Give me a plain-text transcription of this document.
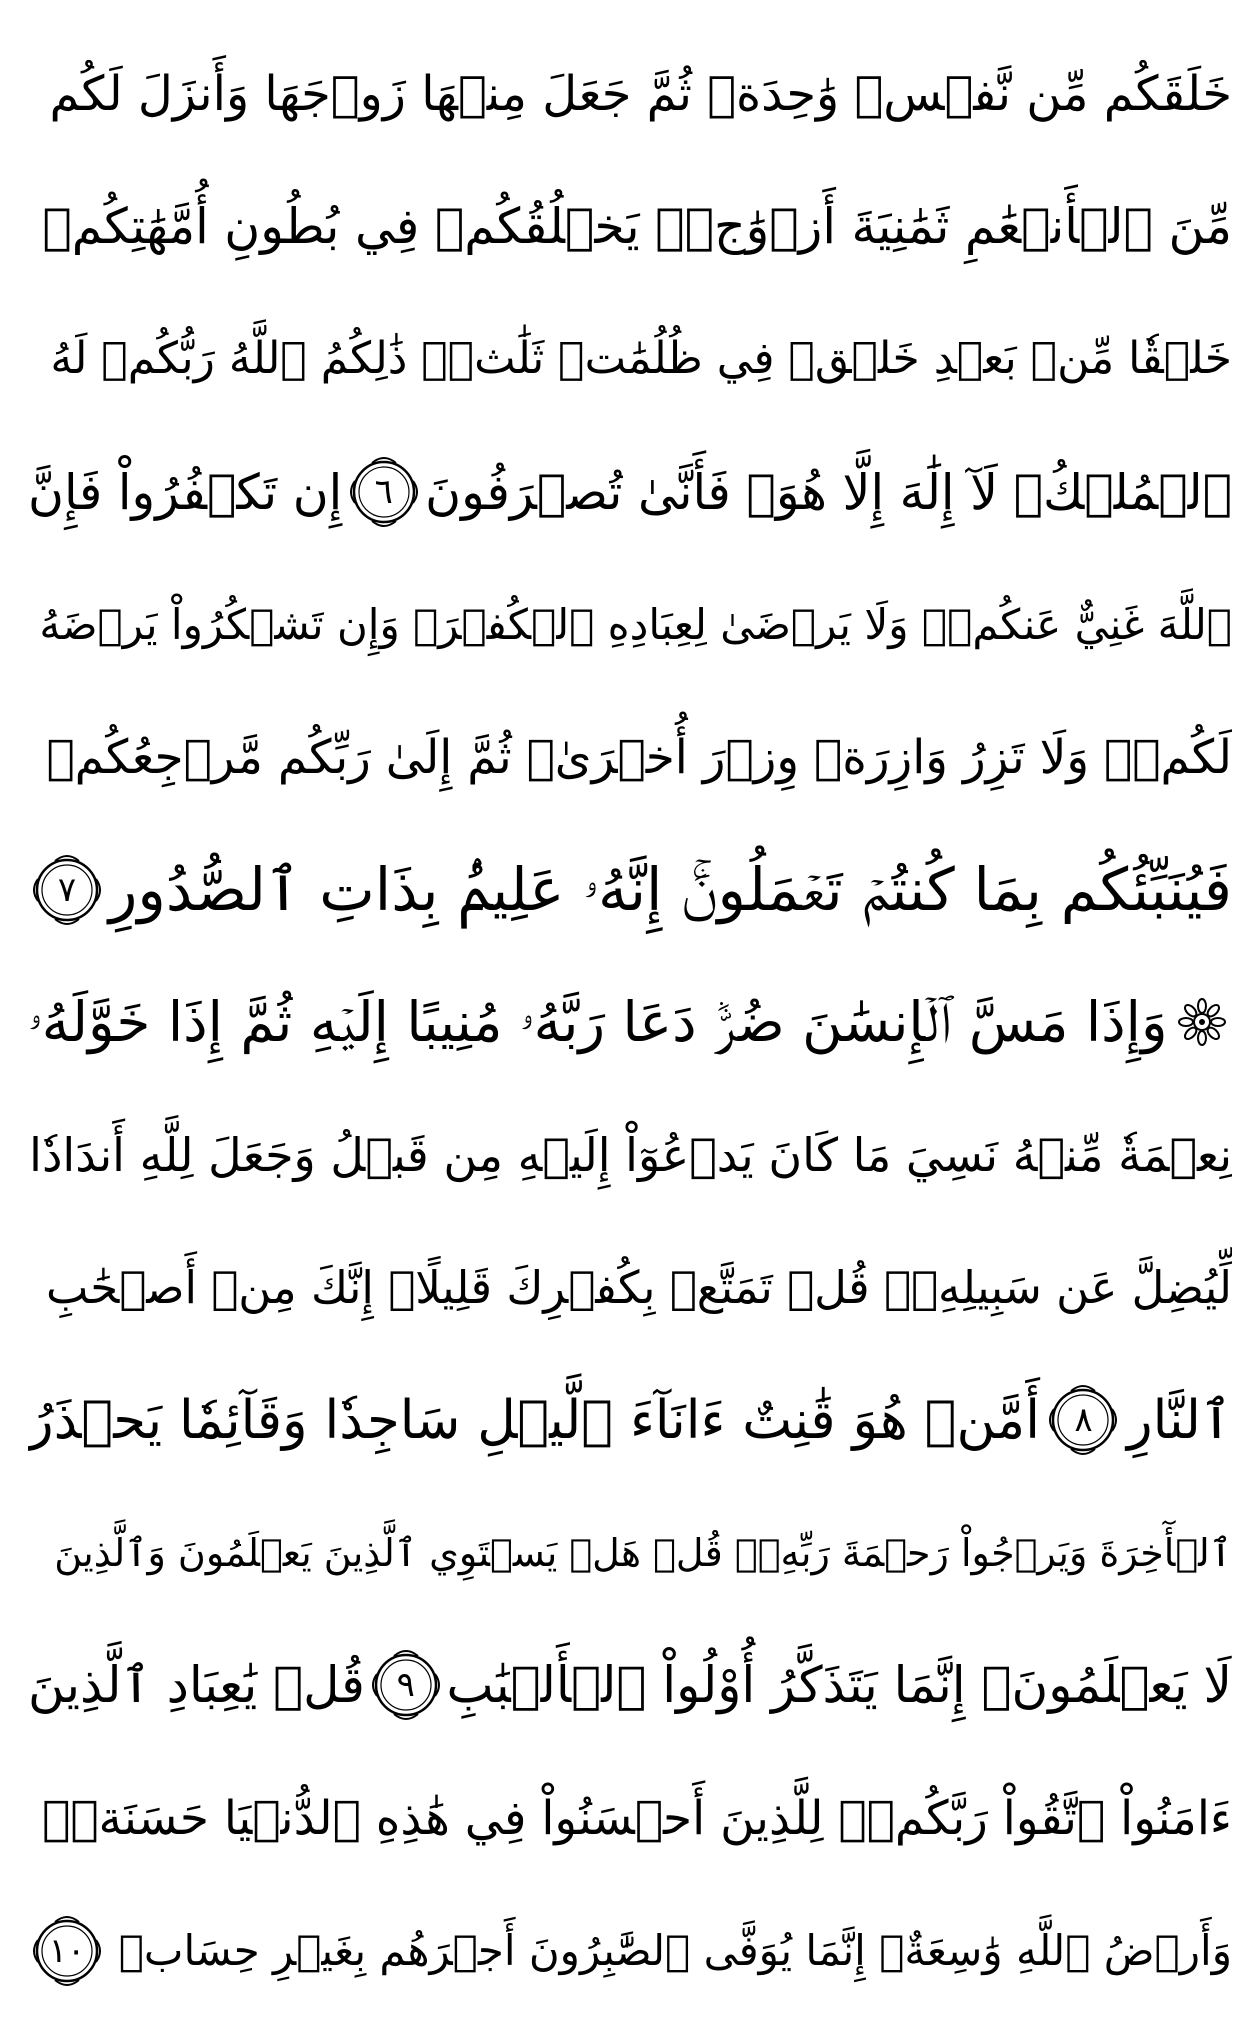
خَلَقَكُم مِّن نَّفۡسٖ وَٰحِدَةٖ ثُمَّ جَعَلَ مِنۡهَا زَوۡجَهَا وَأَنزَلَ لَكُم
مِّنَ ٱلۡأَنۡعَٰمِ ثَمَٰنِيَةَ أَزۡوَٰجٖۚ يَخۡلُقُكُمۡ فِي بُطُونِ أُمَّهَٰتِكُمۡ
خَلۡقٗا مِّنۢ بَعۡدِ خَلۡقٖ فِي ظُلُمَٰتٖ ثَلَٰثٖۚ ذَٰلِكُمُ ٱللَّهُ رَبُّكُمۡ لَهُ
ٱلۡمُلۡكُۖ لَآ إِلَٰهَ إِلَّا هُوَۖ فَأَنَّىٰ تُصۡرَفُونَ
٦
إِن تَكۡفُرُواْ فَإِنَّ
ٱللَّهَ غَنِيٌّ عَنكُمۡۖ وَلَا يَرۡضَىٰ لِعِبَادِهِ ٱلۡكُفۡرَۖ وَإِن تَشۡكُرُواْ يَرۡضَهُ
لَكُمۡۗ وَلَا تَزِرُ وَازِرَةٞ وِزۡرَ أُخۡرَىٰۗ ثُمَّ إِلَىٰ رَبِّكُم مَّرۡجِعُكُمۡ
فَيُنَبِّئُكُم بِمَا كُنتُمۡ تَعۡمَلُونَۚ إِنَّهُۥ عَلِيمُۢ بِذَاتِ ٱلصُّدُورِ
٧
وَإِذَا مَسَّ ٱلۡإِنسَٰنَ ضُرّٞ دَعَا رَبَّهُۥ مُنِيبًا إِلَيۡهِ ثُمَّ إِذَا خَوَّلَهُۥ
نِعۡمَةٗ مِّنۡهُ نَسِيَ مَا كَانَ يَدۡعُوٓاْ إِلَيۡهِ مِن قَبۡلُ وَجَعَلَ لِلَّهِ أَندَادٗا
لِّيُضِلَّ عَن سَبِيلِهِۦۚ قُلۡ تَمَتَّعۡ بِكُفۡرِكَ قَلِيلًاۖ إِنَّكَ مِنۡ أَصۡحَٰبِ
ٱلنَّارِ
٨
أَمَّنۡ هُوَ قَٰنِتٌ ءَانَآءَ ٱلَّيۡلِ سَاجِدٗا وَقَآئِمٗا يَحۡذَرُ
ٱلۡأٓخِرَةَ وَيَرۡجُواْ رَحۡمَةَ رَبِّهِۦۗ قُلۡ هَلۡ يَسۡتَوِي ٱلَّذِينَ يَعۡلَمُونَ وَٱلَّذِينَ
لَا يَعۡلَمُونَۗ إِنَّمَا يَتَذَكَّرُ أُوْلُواْ ٱلۡأَلۡبَٰبِ
٩
قُلۡ يَٰعِبَادِ ٱلَّذِينَ
ءَامَنُواْ ٱتَّقُواْ رَبَّكُمۡۚ لِلَّذِينَ أَحۡسَنُواْ فِي هَٰذِهِ ٱلدُّنۡيَا حَسَنَةٞۗ
وَأَرۡضُ ٱللَّهِ وَٰسِعَةٌۗ إِنَّمَا يُوَفَّى ٱلصَّٰبِرُونَ أَجۡرَهُم بِغَيۡرِ حِسَابٖ
١٠
